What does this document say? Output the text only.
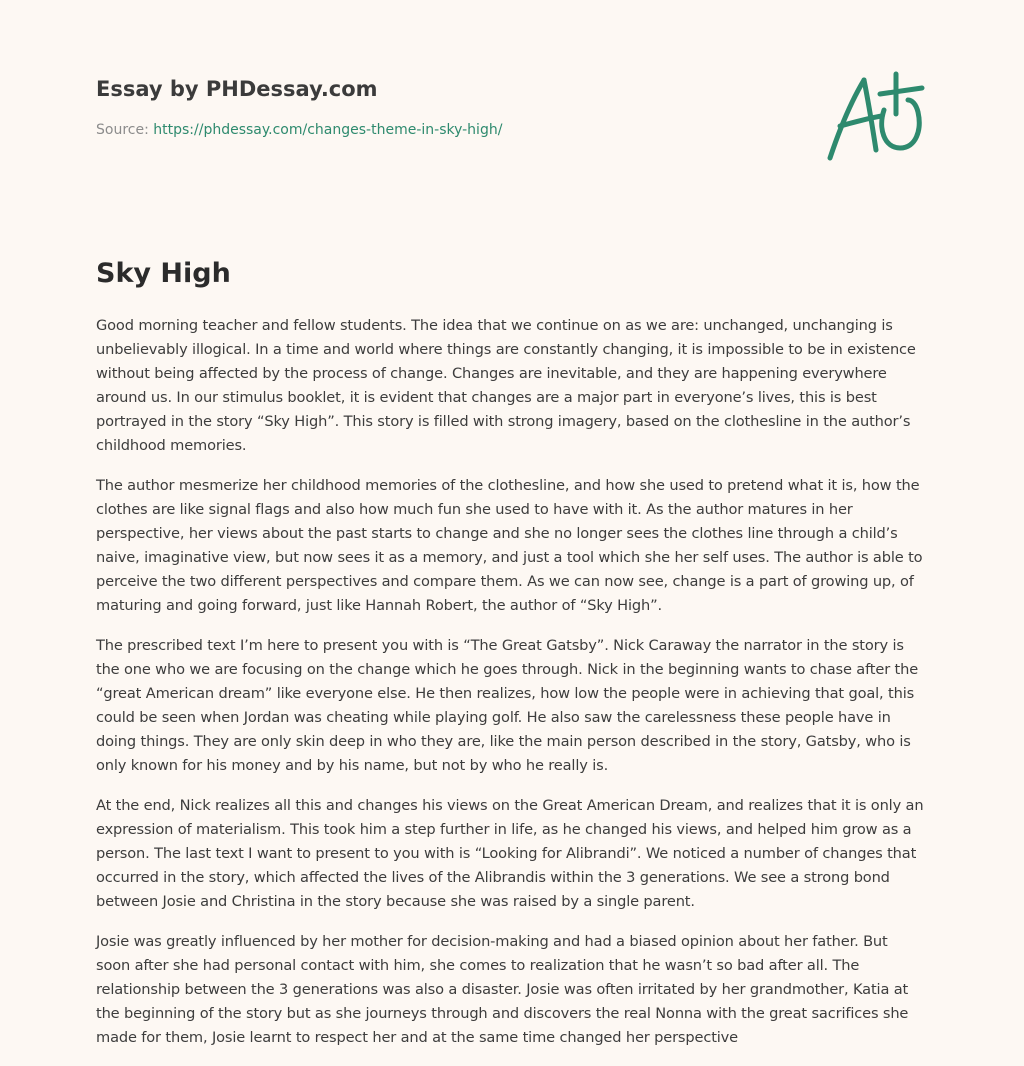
Essay by PHDessay.com
Source: https://phdessay.com/changes-theme-in-sky-high/
Sky High

Good morning teacher and fellow students. The idea that we continue on as we are: unchanged, unchanging is unbelievably illogical. In a time and world where things are constantly changing, it is impossible to be in existence without being affected by the process of change. Changes are inevitable, and they are happening everywhere around us. In our stimulus booklet, it is evident that changes are a major part in everyone’s lives, this is best portrayed in the story “Sky High”. This story is filled with strong imagery, based on the clothesline in the author’s childhood memories.

The author mesmerize her childhood memories of the clothesline, and how she used to pretend what it is, how the clothes are like signal flags and also how much fun she used to have with it. As the author matures in her perspective, her views about the past starts to change and she no longer sees the clothes line through a child’s naive, imaginative view, but now sees it as a memory, and just a tool which she her self uses. The author is able to perceive the two different perspectives and compare them. As we can now see, change is a part of growing up, of maturing and going forward, just like Hannah Robert, the author of “Sky High”.

The prescribed text I’m here to present you with is “The Great Gatsby”. Nick Caraway the narrator in the story is the one who we are focusing on the change which he goes through. Nick in the beginning wants to chase after the “great American dream” like everyone else. He then realizes, how low the people were in achieving that goal, this could be seen when Jordan was cheating while playing golf. He also saw the carelessness these people have in doing things. They are only skin deep in who they are, like the main person described in the story, Gatsby, who is only known for his money and by his name, but not by who he really is.

At the end, Nick realizes all this and changes his views on the Great American Dream, and realizes that it is only an expression of materialism. This took him a step further in life, as he changed his views, and helped him grow as a person. The last text I want to present to you with is “Looking for Alibrandi”. We noticed a number of changes that occurred in the story, which affected the lives of the Alibrandis within the 3 generations. We see a strong bond between Josie and Christina in the story because she was raised by a single parent.

Josie was greatly influenced by her mother for decision-making and had a biased opinion about her father. But soon after she had personal contact with him, she comes to realization that he wasn’t so bad after all. The relationship between the 3 generations was also a disaster. Josie was often irritated by her grandmother, Katia at the beginning of the story but as she journeys through and discovers the real Nonna with the great sacrifices she made for them, Josie learnt to respect her and at the same time changed her perspective
